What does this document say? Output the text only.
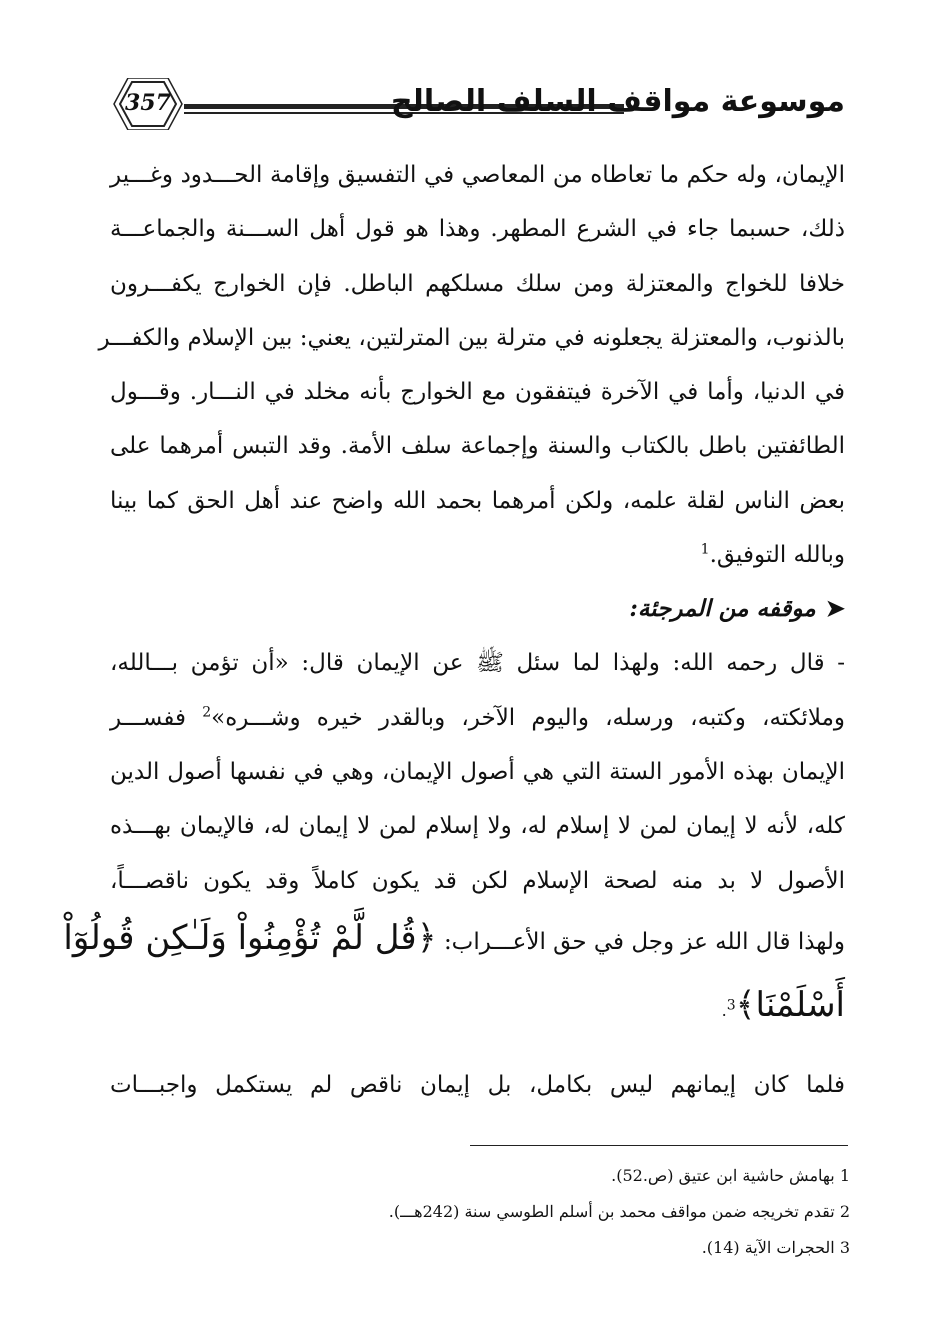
357	موسوعة مواقف السلف الصالح
الإيمان، وله حكم ما تعاطاه من المعاصي في التفسيق وإقامة الحـــدود وغـــير
ذلك، حسبما جاء في الشرع المطهر. وهذا هو قول أهل الســـنة والجماعـــة
خلافا للخواج والمعتزلة ومن سلك مسلكهم الباطل. فإن الخوارج يكفـــرون
بالذنوب، والمعتزلة يجعلونه في مترلة بين المترلتين، يعني: بين الإسلام والكفـــر
في الدنيا، وأما في الآخرة فيتفقون مع الخوارج بأنه مخلد في النـــار. وقـــول
الطائفتين باطل بالكتاب والسنة وإجماعة سلف الأمة. وقد التبس أمرهما على
بعض الناس لقلة علمه، ولكن أمرهما بحمد الله واضح عند أهل الحق كما بينا
وبالله التوفيق.$^1$
➤موقفه من المرجئة:
- قال رحمه الله: ولهذا لما سئل ﷺ عن الإيمان قال: «أن تؤمن بـــالله،
وملائكته، وكتبه، ورسله، واليوم الآخر، وبالقدر خيره وشـــره»$^2$ ففســـر
الإيمان بهذه الأمور الستة التي هي أصول الإيمان، وهي في نفسها أصول الدين
كله، لأنه لا إيمان لمن لا إسلام له، ولا إسلام لمن لا إيمان له، فالإيمان بهـــذه
الأصول لا بد منه لصحة الإسلام لكن قد يكون كاملاً وقد يكون ناقصـــاً،
ولهذا قال الله عز وجل في حق الأعـــراب: ﴿قُل لَّمْ تُؤْمِنُواْ وَلَـٰكِن قُولُوٓاْ
أَسْلَمْنَا﴾$^3$.
فلما كان إيمانهم ليس بكامل، بل إيمان ناقص لم يستكمل واجبـــات
1 بهامش حاشية ابن عتيق (ص.52).
2 تقدم تخريجه ضمن مواقف محمد بن أسلم الطوسي سنة (242هـــ).
3 الحجرات الآية (14).
